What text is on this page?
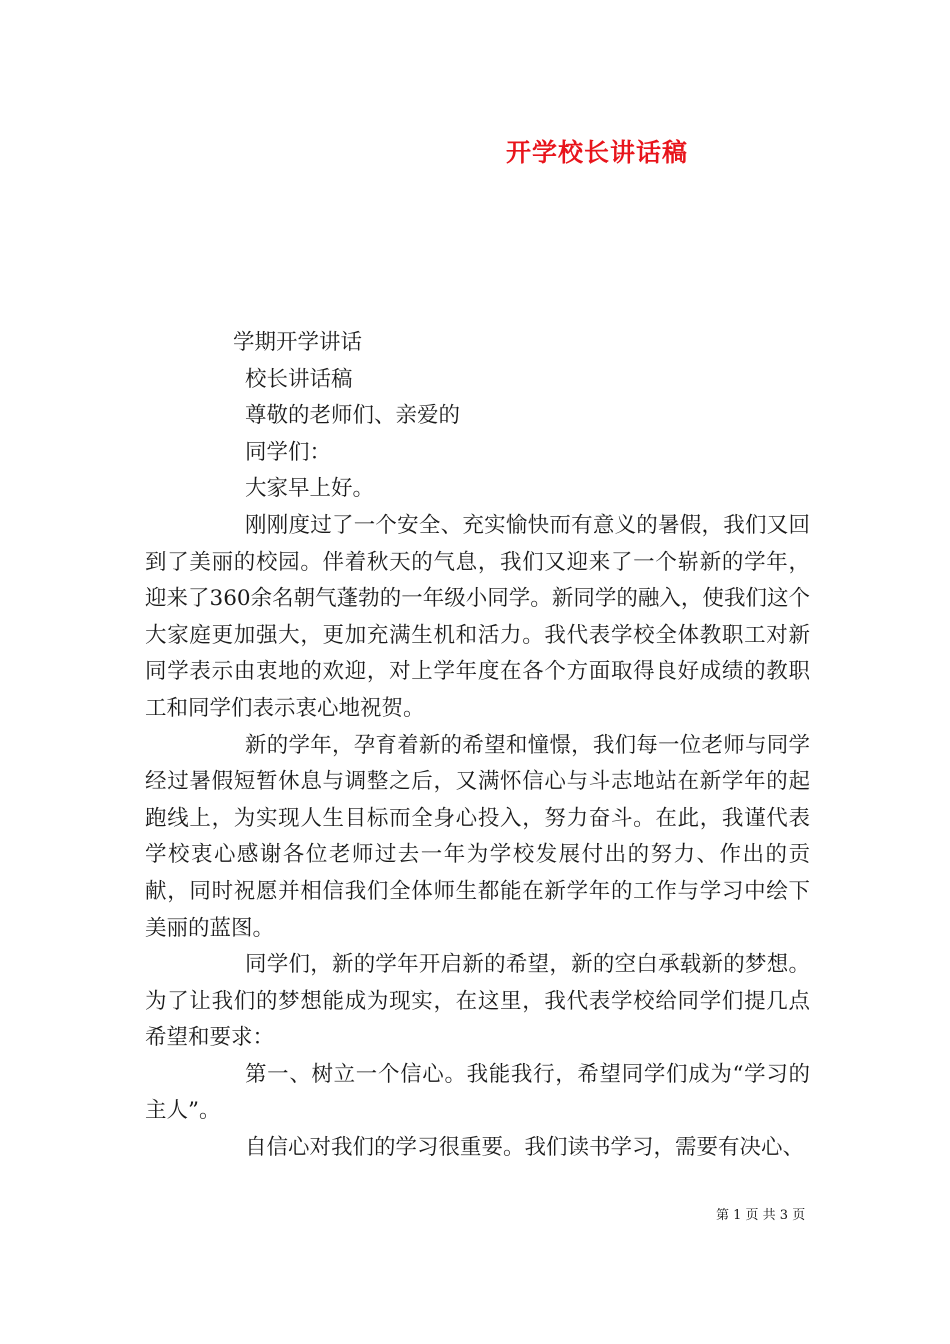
开学校长讲话稿

学期开学讲话

校长讲话稿

尊敬的老师们、亲爱的

同学们：

大家早上好。

刚刚度过了一个安全、充实愉快而有意义的暑假，我们又回到了美丽的校园。伴着秋天的气息，我们又迎来了一个崭新的学年，迎来了360余名朝气蓬勃的一年级小同学。新同学的融入，使我们这个大家庭更加强大，更加充满生机和活力。我代表学校全体教职工对新同学表示由衷地的欢迎，对上学年度在各个方面取得良好成绩的教职工和同学们表示衷心地祝贺。

新的学年，孕育着新的希望和憧憬，我们每一位老师与同学经过暑假短暂休息与调整之后，又满怀信心与斗志地站在新学年的起跑线上，为实现人生目标而全身心投入，努力奋斗。在此，我谨代表学校衷心感谢各位老师过去一年为学校发展付出的努力、作出的贡献，同时祝愿并相信我们全体师生都能在新学年的工作与学习中绘下美丽的蓝图。

同学们，新的学年开启新的希望，新的空白承载新的梦想。为了让我们的梦想能成为现实，在这里，我代表学校给同学们提几点希望和要求：

第一、树立一个信心。我能我行，希望同学们成为“学习的主人”。

自信心对我们的学习很重要。我们读书学习，需要有决心、

第 1 页 共 3 页
